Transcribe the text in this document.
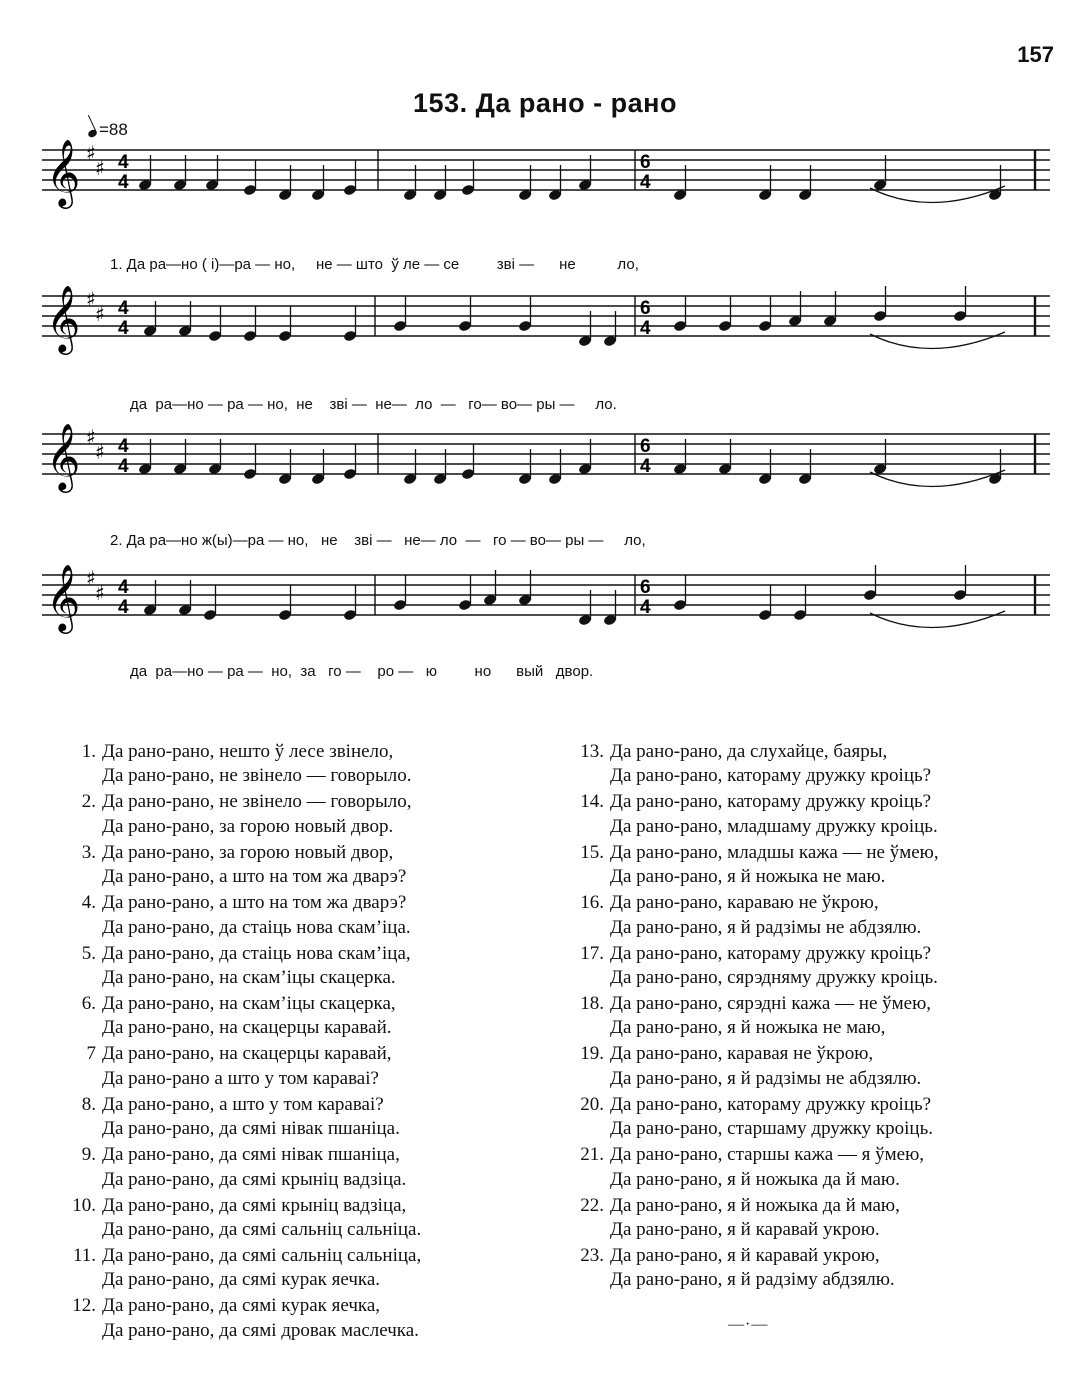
157
153. Да рано - рано
=88
𝄞 ♯
♯ 4
4
6
4
1. Да ра—но ( і)—ра — но,     не — што  ў ле — се         зві —      не          ло,
𝄞 ♯
♯ 4
4
6
4
да  ра—но — ра — но,  не    зві —  не—  ло  —   го— во— ры —     ло.
𝄞 ♯
♯ 4
4
6
4
2. Да ра—но ж(ы)—ра — но,   не    зві —   не— ло  —   го — во— ры —     ло,
𝄞 ♯
♯ 4
4
6
4
да  ра—но — ра —  но,  за   го —    ро —   ю         но      вый   двор.
1. Да рано-рано, нешто ў лесе звінело,
Да рано-рано, не звінело — говорыло.
2. Да рано-рано, не звінело — говорыло,
Да рано-рано, за горою новый двор.
3. Да рано-рано, за горою новый двор,
Да рано-рано, а што на том жа дварэ?
4. Да рано-рано, а што на том жа дварэ?
Да рано-рано, да стаіць нова скам’іца.
5. Да рано-рано, да стаіць нова скам’іца,
Да рано-рано, на скам’іцы скацерка.
6. Да рано-рано, на скам’іцы скацерка,
Да рано-рано, на скацерцы каравай.
7 Да рано-рано, на скацерцы каравай,
Да рано-рано а што у том караваі?
8. Да рано-рано, а што у том караваі?
Да рано-рано, да сямі нівак пшаніца.
9. Да рано-рано, да сямі нівак пшаніца,
Да рано-рано, да сямі крыніц вадзіца.
10. Да рано-рано, да сямі крыніц вадзіца,
Да рано-рано, да сямі сальніц сальніца.
11. Да рано-рано, да сямі сальніц сальніца,
Да рано-рано, да сямі курак яечка.
12. Да рано-рано, да сямі курак яечка,
Да рано-рано, да сямі дровак маслечка.
13. Да рано-рано, да слухайце, баяры,
Да рано-рано, катораму дружку кроіць?
14. Да рано-рано, катораму дружку кроіць?
Да рано-рано, младшаму дружку кроіць.
15. Да рано-рано, младшы кажа — не ўмею,
Да рано-рано, я й ножыка не маю.
16. Да рано-рано, караваю не ўкрою,
Да рано-рано, я й радзімы не абдзялю.
17. Да рано-рано, катораму дружку кроіць?
Да рано-рано, сярэдняму дружку кроіць.
18. Да рано-рано, сярэдні кажа — не ўмею,
Да рано-рано, я й ножыка не маю,
19. Да рано-рано, каравая не ўкрою,
Да рано-рано, я й радзімы не абдзялю.
20. Да рано-рано, катораму дружку кроіць?
Да рано-рано, старшаму дружку кроіць.
21. Да рано-рано, старшы кажа — я ўмею,
Да рано-рано, я й ножыка да й маю.
22. Да рано-рано, я й ножыка да й маю,
Да рано-рано, я й каравай укрою.
23. Да рано-рано, я й каравай укрою,
Да рано-рано, я й радзіму абдзялю.
—·—
